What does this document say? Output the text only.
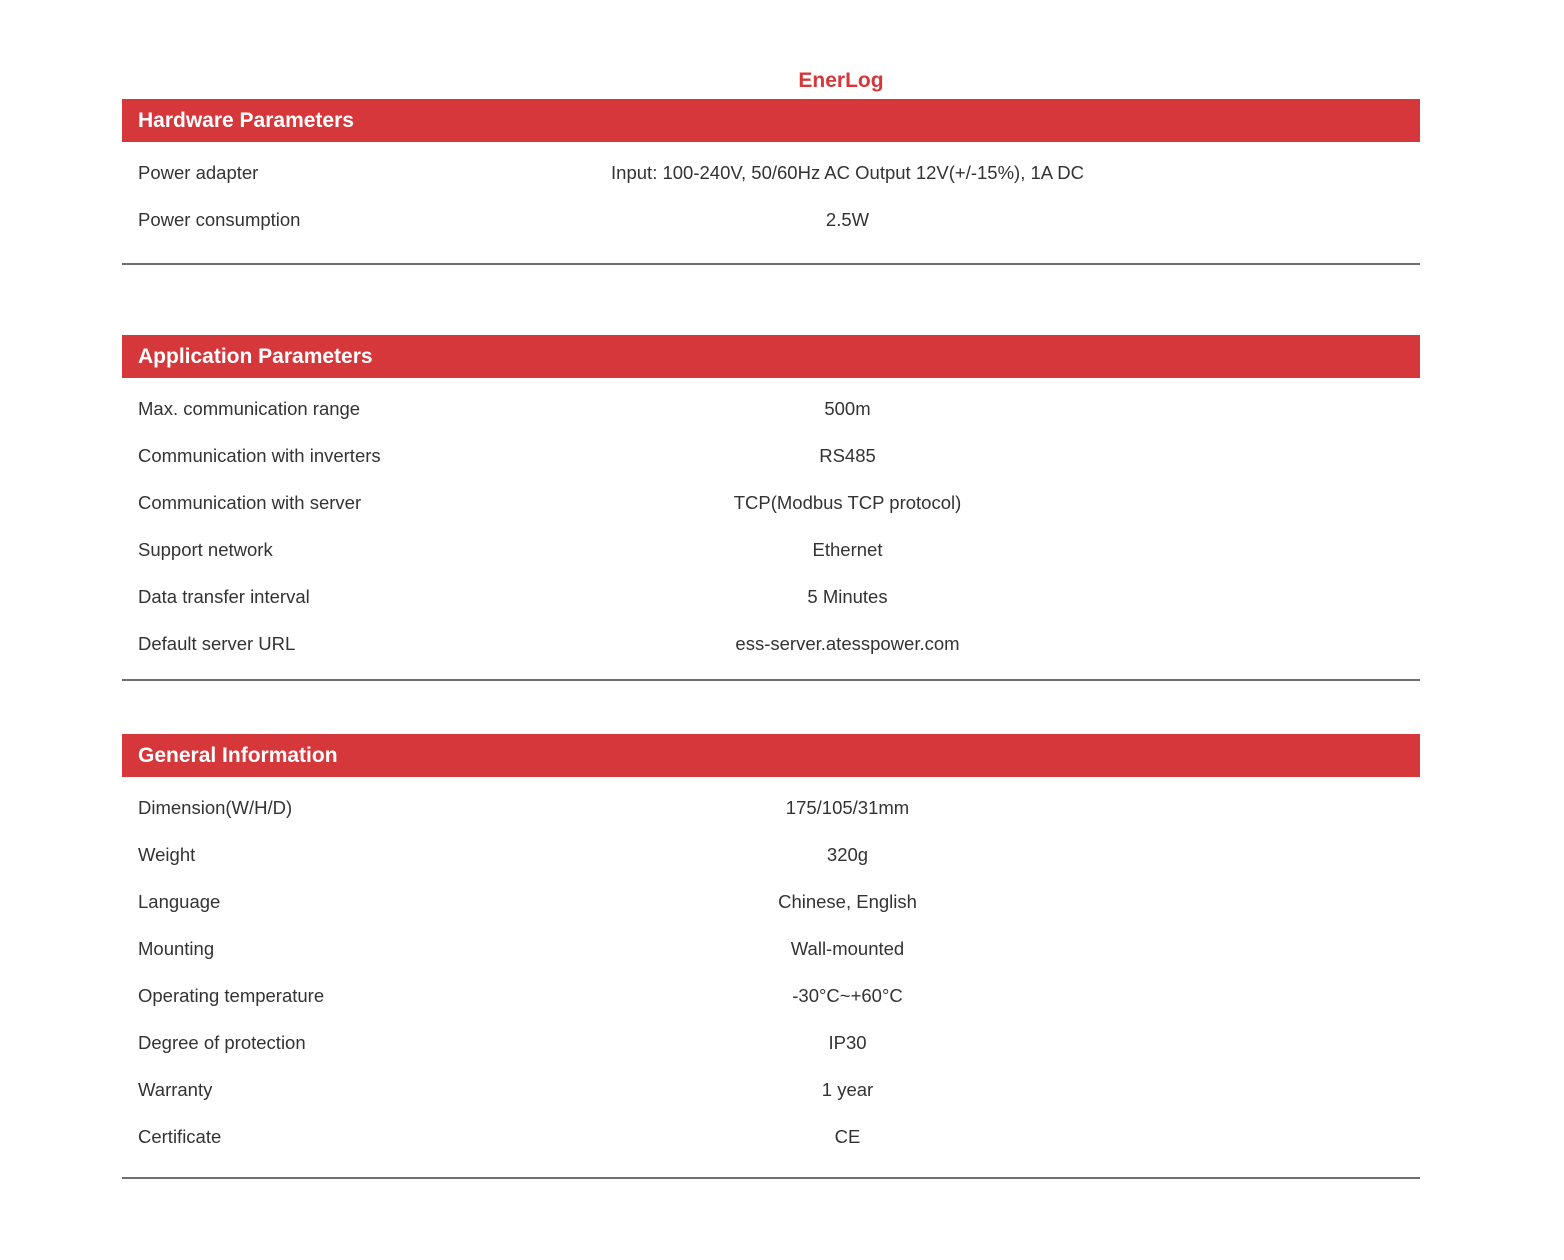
EnerLog
Hardware Parameters
Power adapter	Input: 100-240V, 50/60Hz AC Output 12V(+/-15%), 1A DC
Power consumption	2.5W
Application Parameters
Max. communication range	500m
Communication with inverters	RS485
Communication with server	TCP(Modbus TCP protocol)
Support network	Ethernet
Data transfer interval	5 Minutes
Default server URL	ess-server.atesspower.com
General Information
Dimension(W/H/D)	175/105/31mm
Weight	320g
Language	Chinese, English
Mounting	Wall-mounted
Operating temperature	-30°C~+60°C
Degree of protection	IP30
Warranty	1 year
Certificate	CE
